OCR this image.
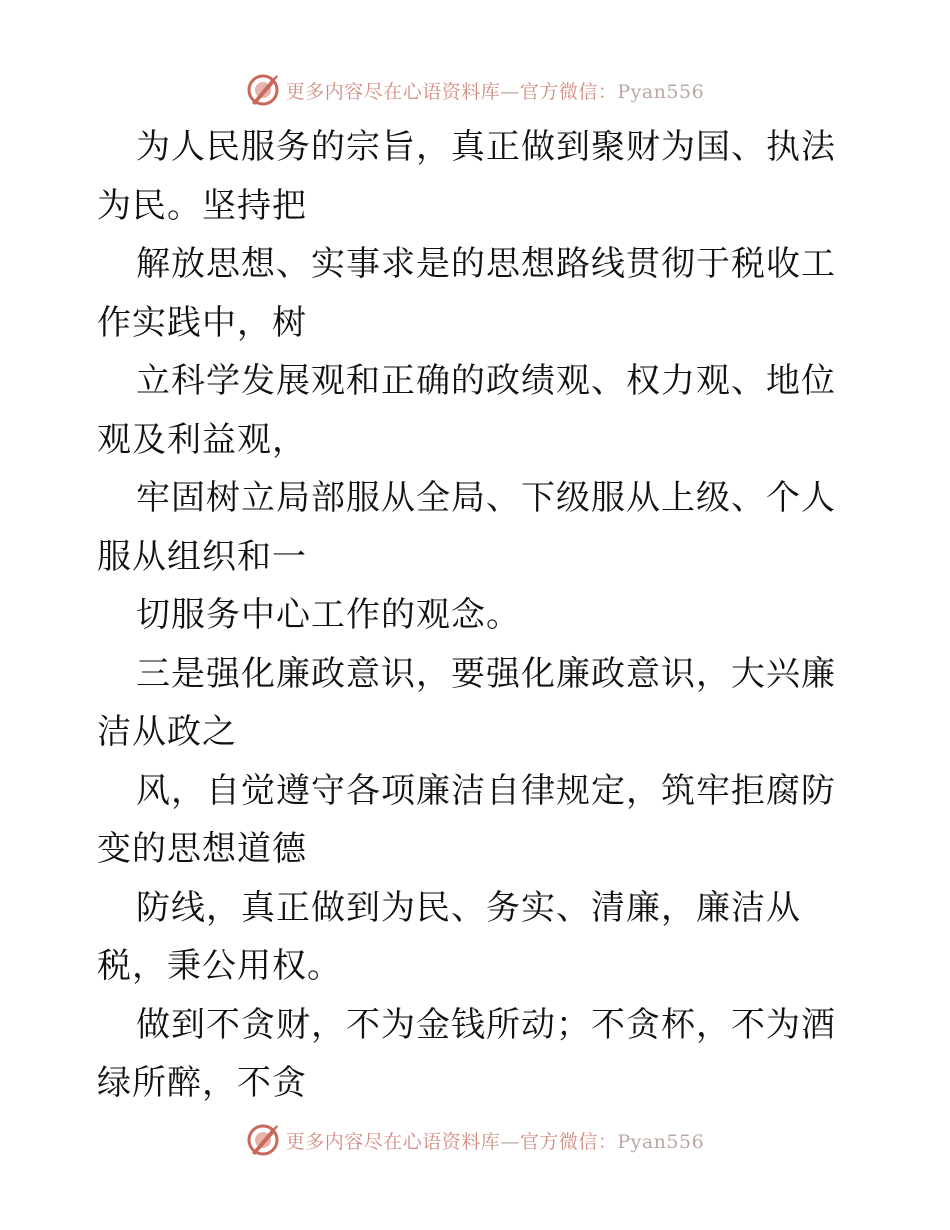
更多内容尽在心语资料库—官方微信：Pyan556

为人民服务的宗旨，真正做到聚财为国、执法为民。坚持把

解放思想、实事求是的思想路线贯彻于税收工作实践中，树

立科学发展观和正确的政绩观、权力观、地位观及利益观，

牢固树立局部服从全局、下级服从上级、个人服从组织和一

切服务中心工作的观念。

三是强化廉政意识，要强化廉政意识，大兴廉洁从政之

风，自觉遵守各项廉洁自律规定，筑牢拒腐防变的思想道德

防线，真正做到为民、务实、清廉，廉洁从税，秉公用权。

做到不贪财，不为金钱所动；不贪杯，不为酒绿所醉，不贪

更多内容尽在心语资料库—官方微信：Pyan556
